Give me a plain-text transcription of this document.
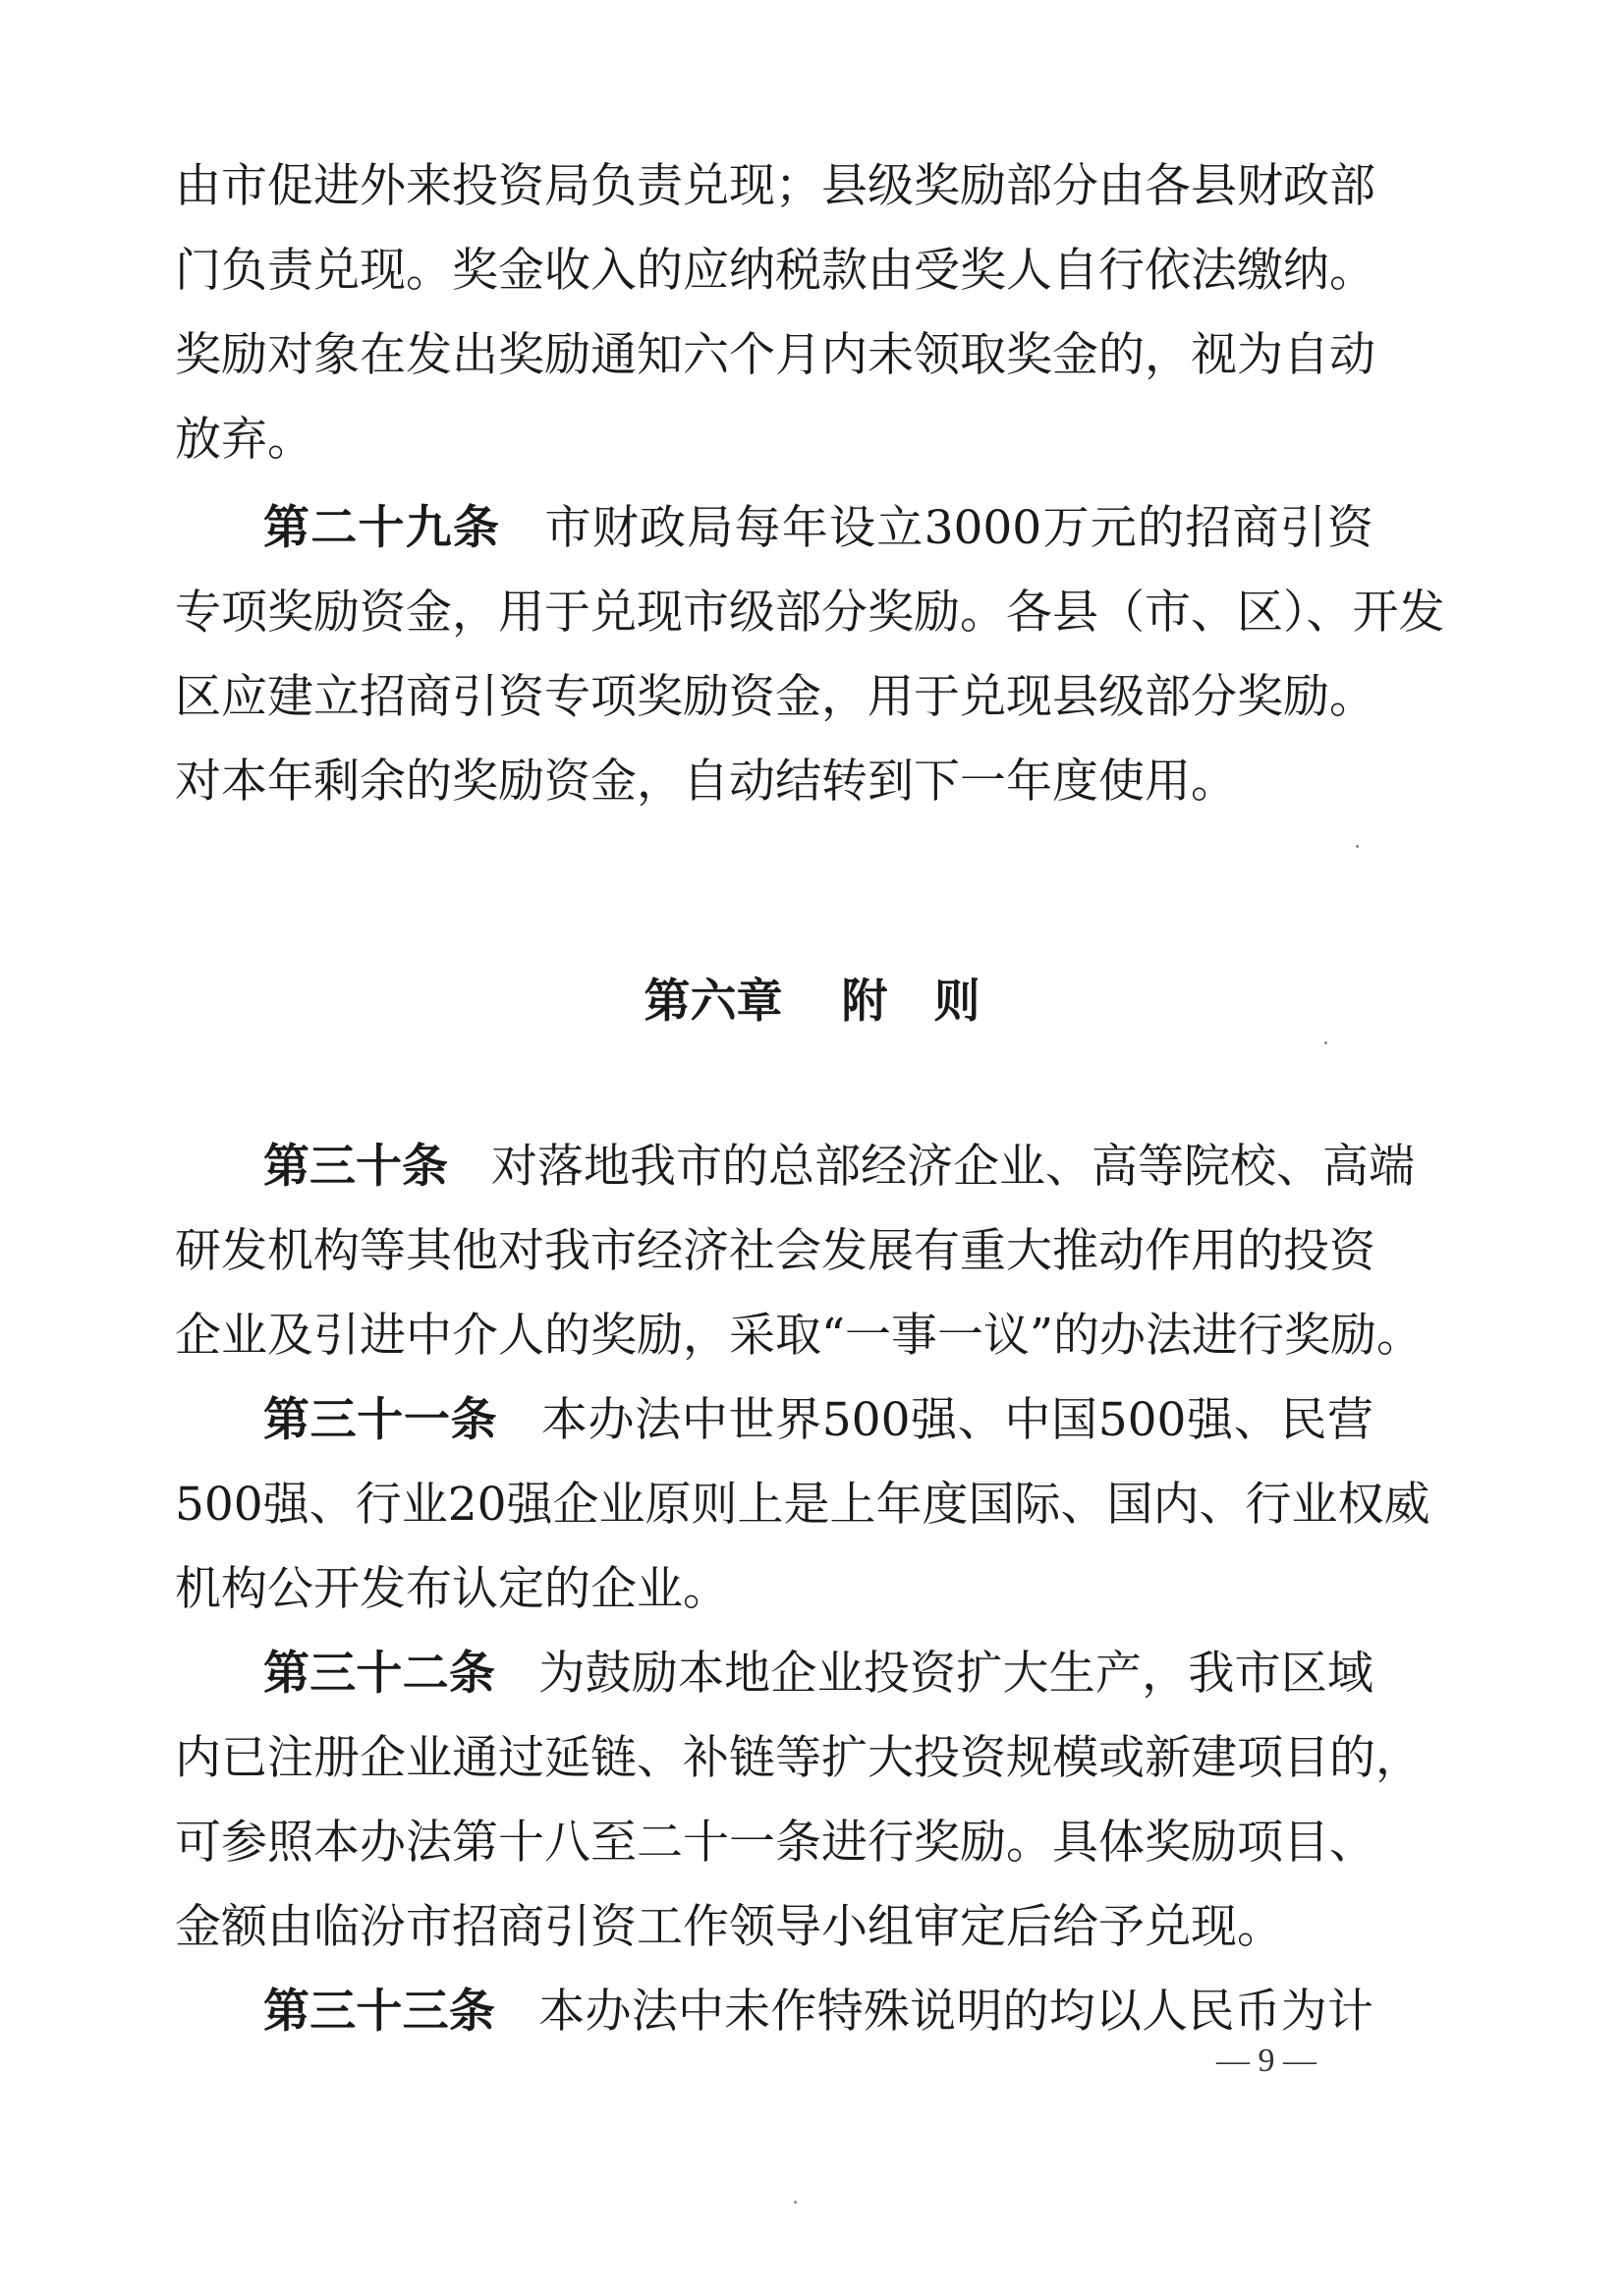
由市促进外来投资局负责兑现；县级奖励部分由各县财政部
门负责兑现。奖金收入的应纳税款由受奖人自行依法缴纳。
奖励对象在发出奖励通知六个月内未领取奖金的，视为自动
放弃。
第二十九条 市财政局每年设立3000万元的招商引资
专项奖励资金，用于兑现市级部分奖励。各县（市、区）、开发
区应建立招商引资专项奖励资金，用于兑现县级部分奖励。
对本年剩余的奖励资金，自动结转到下一年度使用。
第六章 附　则
第三十条 对落地我市的总部经济企业、高等院校、高端
研发机构等其他对我市经济社会发展有重大推动作用的投资
企业及引进中介人的奖励，采取“一事一议”的办法进行奖励。
第三十一条 本办法中世界500强、中国500强、民营
500强、行业20强企业原则上是上年度国际、国内、行业权威
机构公开发布认定的企业。
第三十二条 为鼓励本地企业投资扩大生产，我市区域
内已注册企业通过延链、补链等扩大投资规模或新建项目的，
可参照本办法第十八至二十一条进行奖励。具体奖励项目、
金额由临汾市招商引资工作领导小组审定后给予兑现。
第三十三条 本办法中未作特殊说明的均以人民币为计
— 9 —
